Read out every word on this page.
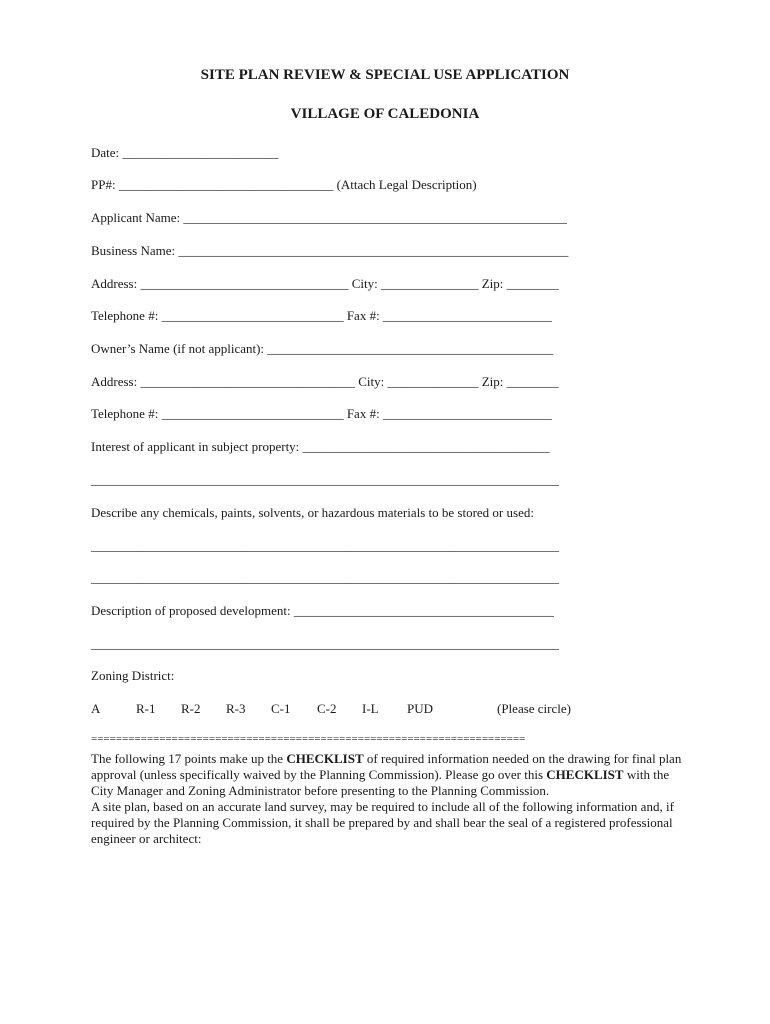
SITE PLAN REVIEW & SPECIAL USE APPLICATION
VILLAGE OF CALEDONIA
Date: ________________________
PP#: _________________________________ (Attach Legal Description)
Applicant Name: ___________________________________________________________
Business Name: ____________________________________________________________
Address: ________________________________ City: _______________ Zip: ________
Telephone #: ____________________________ Fax #: __________________________
Owner’s Name (if not applicant): ____________________________________________
Address: _________________________________ City: ______________ Zip: ________
Telephone #: ____________________________ Fax #: __________________________
Interest of applicant in subject property: ______________________________________
________________________________________________________________________
Describe any chemicals, paints, solvents, or hazardous materials to be stored or used:
________________________________________________________________________
________________________________________________________________________
Description of proposed development: ________________________________________
________________________________________________________________________
Zoning District:
A	R-1 R-2 R-3 C-1 C-2 I-L PUD	(Please circle)
======================================================================

The following 17 points make up the CHECKLIST of required information needed on the drawing for final plan approval (unless specifically waived by the Planning Commission). Please go over this CHECKLIST with the City Manager and Zoning Administrator before presenting to the Planning Commission.

A site plan, based on an accurate land survey, may be required to include all of the following information and, if required by the Planning Commission, it shall be prepared by and shall bear the seal of a registered professional engineer or architect:
